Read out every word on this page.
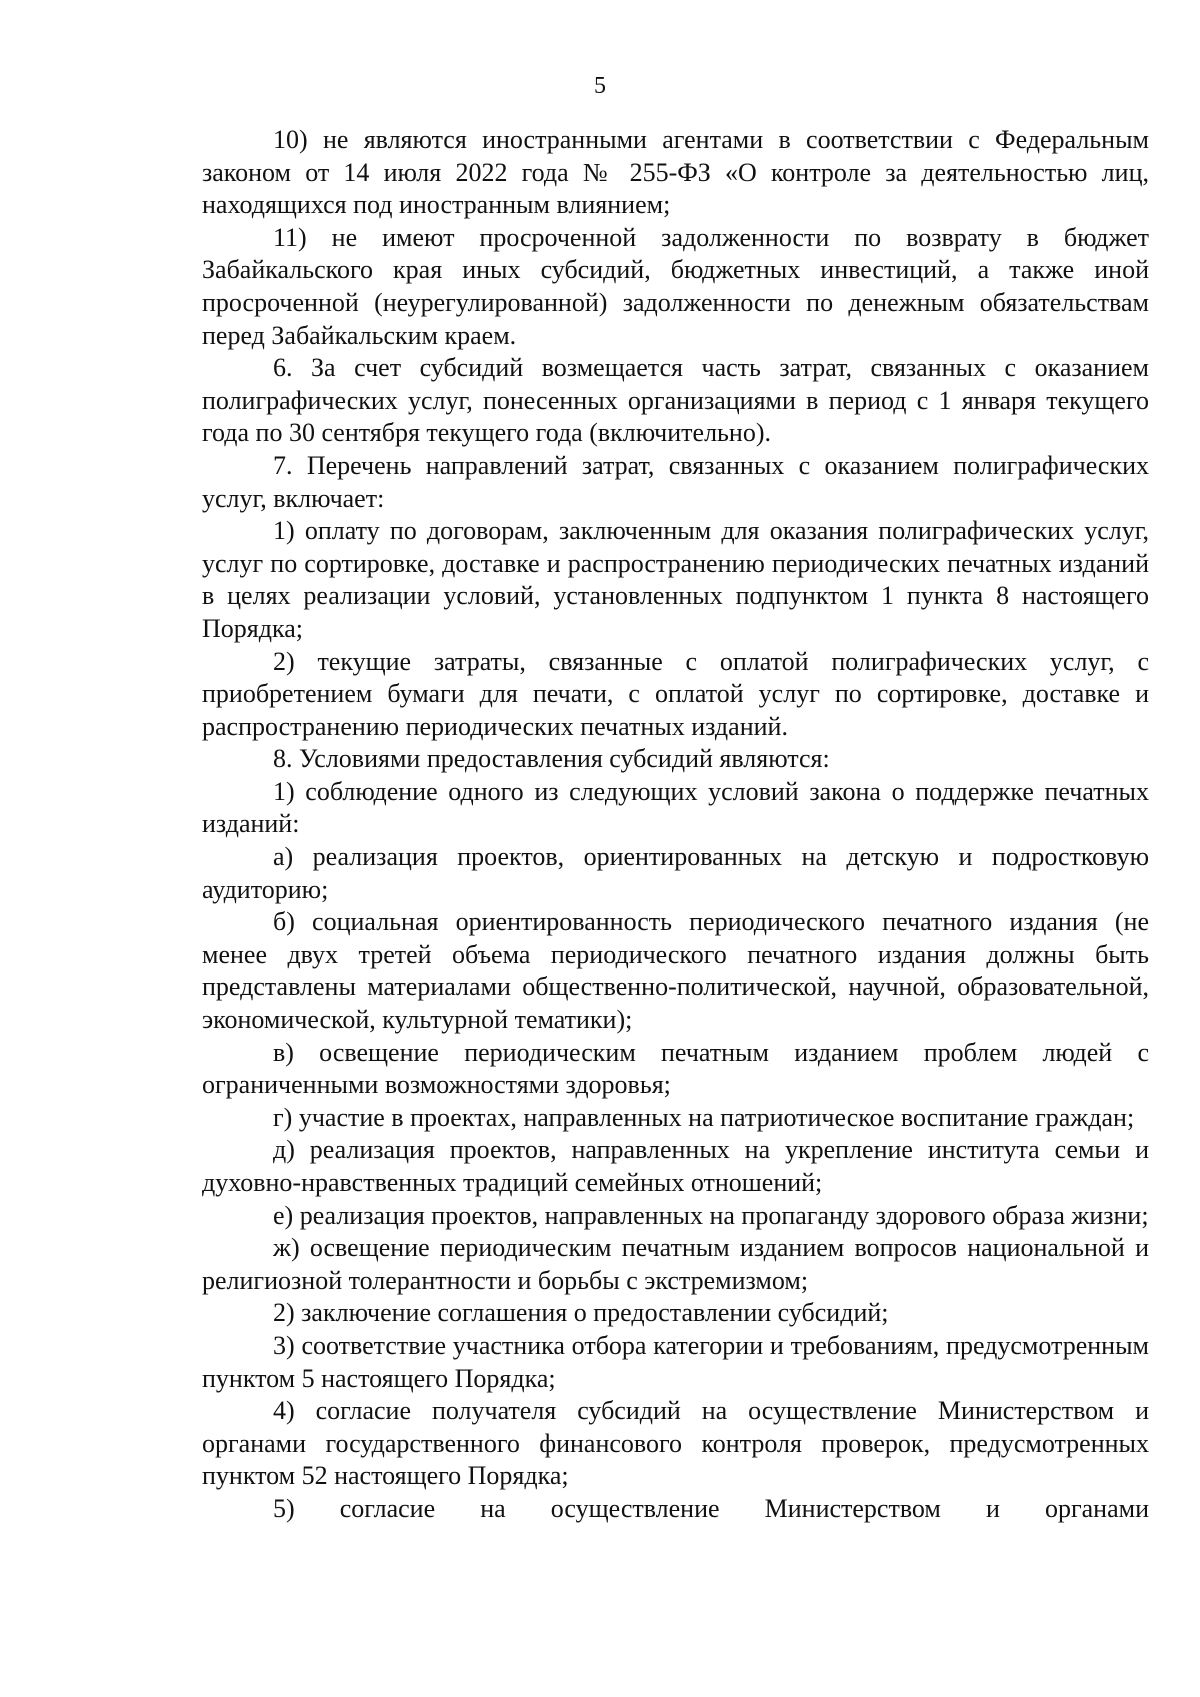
5

10) не являются иностранными агентами в соответствии с Федеральным законом от 14 июля 2022 года № 255-ФЗ «О контроле за деятельностью лиц, находящихся под иностранным влиянием;

11) не имеют просроченной задолженности по возврату в бюджет Забайкальского края иных субсидий, бюджетных инвестиций, а также иной просроченной (неурегулированной) задолженности по денежным обязательствам перед Забайкальским краем.

6. За счет субсидий возмещается часть затрат, связанных с оказанием полиграфических услуг, понесенных организациями в период с 1 января текущего года по 30 сентября текущего года (включительно).

7. Перечень направлений затрат, связанных с оказанием полиграфических услуг, включает:

1) оплату по договорам, заключенным для оказания полиграфических услуг, услуг по сортировке, доставке и распространению периодических печатных изданий в целях реализации условий, установленных подпунктом 1 пункта 8 настоящего Порядка;

2) текущие затраты, связанные с оплатой полиграфических услуг, с приобретением бумаги для печати, с оплатой услуг по сортировке, доставке и распространению периодических печатных изданий.

8. Условиями предоставления субсидий являются:

1) соблюдение одного из следующих условий закона о поддержке печатных изданий:

а) реализация проектов, ориентированных на детскую и подростковую аудиторию;

б) социальная ориентированность периодического печатного издания (не менее двух третей объема периодического печатного издания должны быть представлены материалами общественно-политической, научной, образовательной, экономической, культурной тематики);

в) освещение периодическим печатным изданием проблем людей с ограниченными возможностями здоровья;

г) участие в проектах, направленных на патриотическое воспитание граждан;

д) реализация проектов, направленных на укрепление института семьи и духовно-нравственных традиций семейных отношений;

е) реализация проектов, направленных на пропаганду здорового образа жизни;

ж) освещение периодическим печатным изданием вопросов национальной и религиозной толерантности и борьбы с экстремизмом;

2) заключение соглашения о предоставлении субсидий;

3) соответствие участника отбора категории и требованиям, предусмотренным пунктом 5 настоящего Порядка;

4) согласие получателя субсидий на осуществление Министерством и органами государственного финансового контроля проверок, предусмотренных пунктом 52 настоящего Порядка;

5) согласие на осуществление Министерством и органами
